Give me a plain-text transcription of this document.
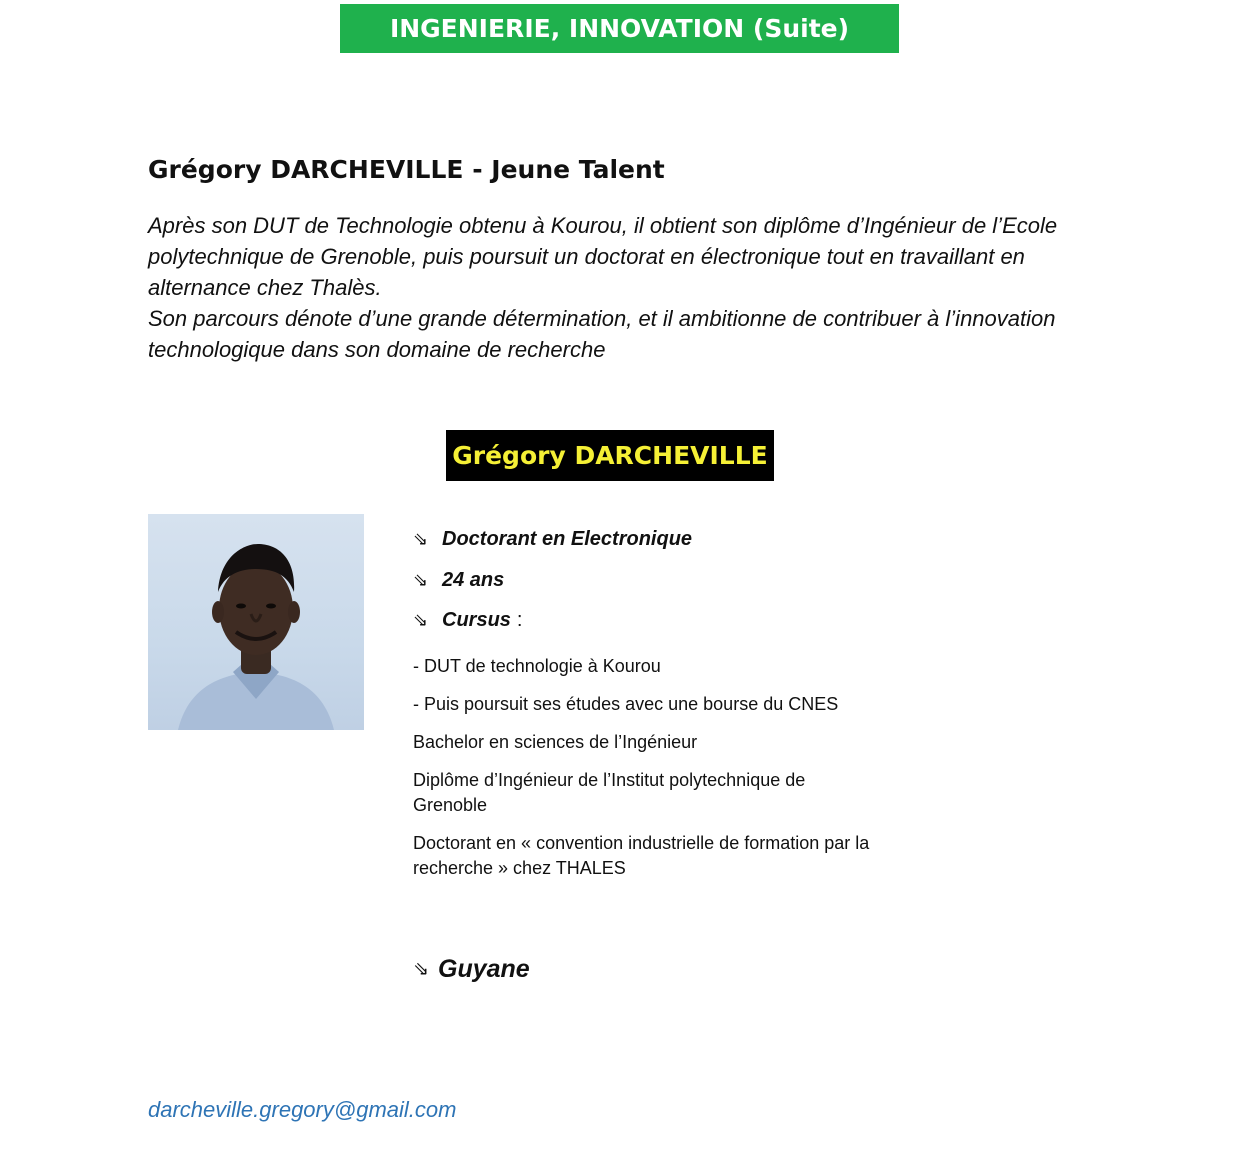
INGENIERIE, INNOVATION (Suite)
Grégory DARCHEVILLE - Jeune Talent

Après son DUT de Technologie obtenu à Kourou, il obtient son diplôme d’Ingénieur de l’Ecole polytechnique de Grenoble, puis poursuit un doctorat en électronique tout en travaillant en alternance chez Thalès.

Son parcours dénote d’une grande détermination, et il ambitionne de contribuer à l’innovation technologique dans son domaine de recherche

Grégory DARCHEVILLE
⇘ Doctorant en Electronique
⇘ 24 ans
⇘ Cursus :
- DUT de technologie à Kourou
- Puis poursuit ses études avec une bourse du CNES
Bachelor en sciences de l’Ingénieur
Diplôme d’Ingénieur de l’Institut polytechnique de Grenoble
Doctorant en « convention industrielle de formation par la recherche » chez THALES
⇘ Guyane
darcheville.gregory@gmail.com
